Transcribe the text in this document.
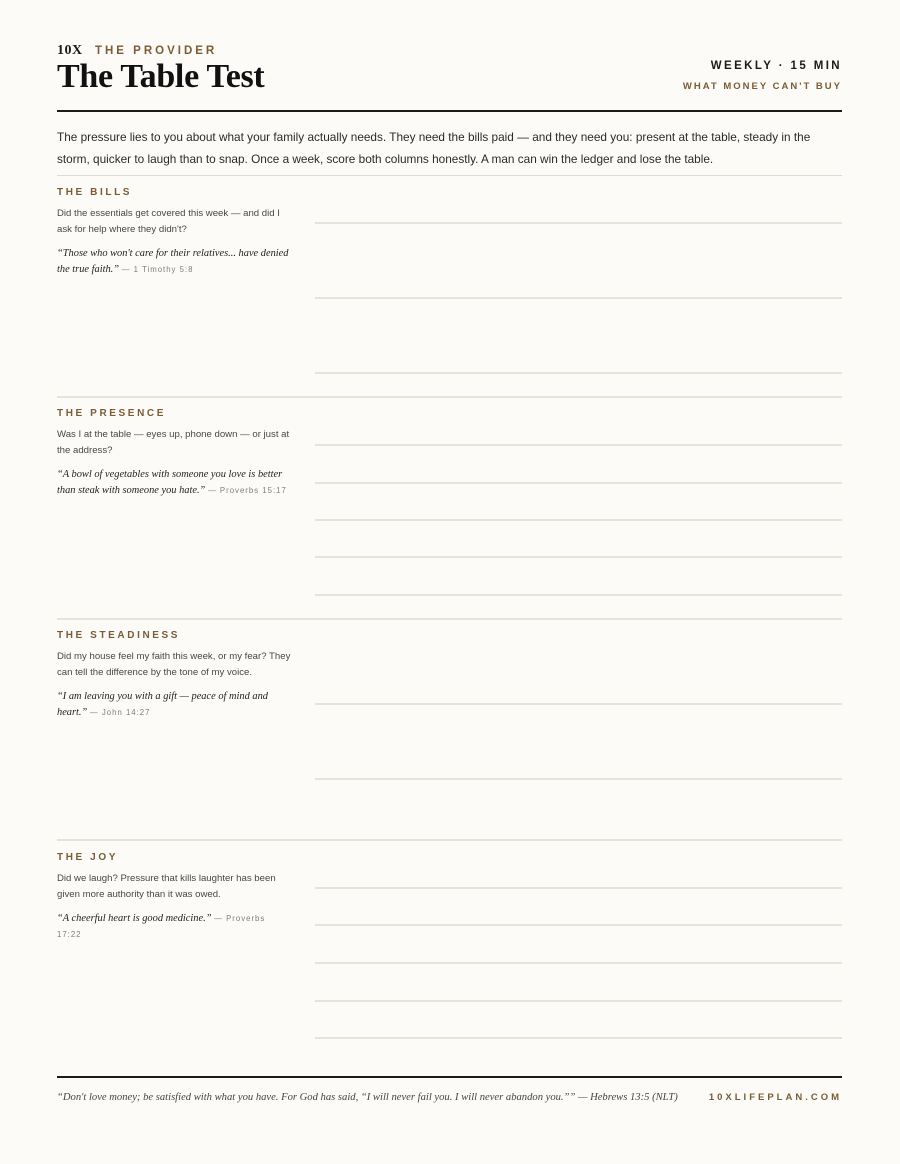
10X THE PROVIDER
The Table Test	WEEKLY · 15 MIN
WHAT MONEY CAN'T BUY

The pressure lies to you about what your family actually needs. They need the bills paid — and they need you: present at the table, steady in the storm, quicker to laugh than to snap. Once a week, score both columns honestly. A man can win the ledger and lose the table.

THE BILLS

Did the essentials get covered this week — and did I ask for help where they didn't?

“Those who won't care for their relatives... have denied the true faith.” — 1 Timothy 5:8

THE PRESENCE

Was I at the table — eyes up, phone down — or just at the address?

“A bowl of vegetables with someone you love is better than steak with someone you hate.” — Proverbs 15:17

THE STEADINESS

Did my house feel my faith this week, or my fear? They can tell the difference by the tone of my voice.

“I am leaving you with a gift — peace of mind and heart.” — John 14:27

THE JOY

Did we laugh? Pressure that kills laughter has been given more authority than it was owed.

“A cheerful heart is good medicine.” — Proverbs 17:22

“Don't love money; be satisfied with what you have. For God has said, “I will never fail you. I will never abandon you.”” — Hebrews 13:5 (NLT)	10XLIFEPLAN.COM
